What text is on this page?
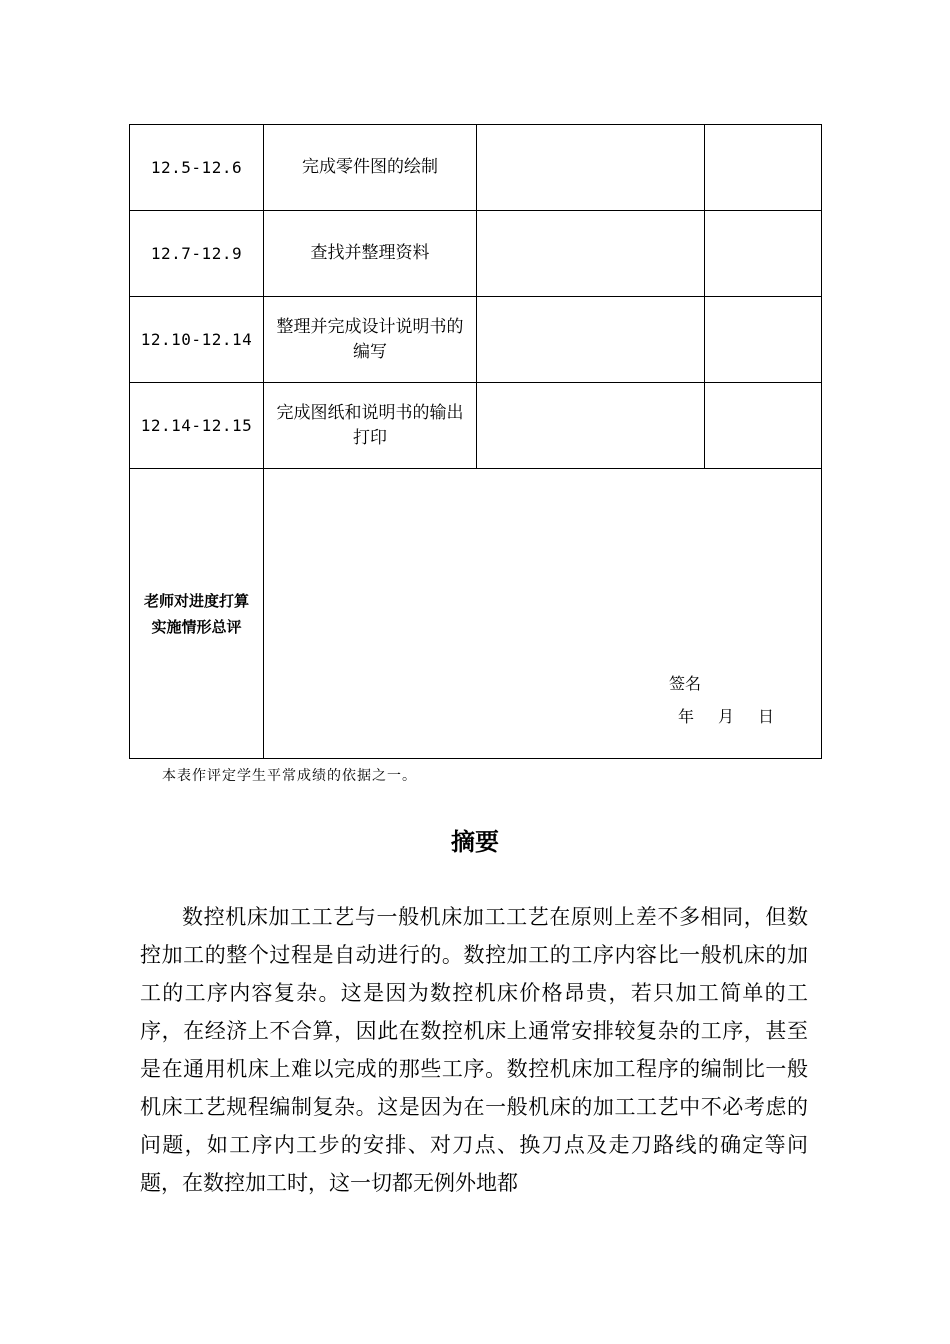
12.5-12.6	完成零件图的绘制		
12.7-12.9	查找并整理资料		
12.10-12.14	整理并完成设计说明书的编写		
12.14-12.15	完成图纸和说明书的输出打印		
老师对进度打算实施情形总评	签名
年 月 日		
本表作评定学生平常成绩的依据之一。
摘要

数控机床加工工艺与一般机床加工工艺在原则上差不多相同，但数控加工的整个过程是自动进行的。数控加工的工序内容比一般机床的加工的工序内容复杂。这是因为数控机床价格昂贵，若只加工简单的工序，在经济上不合算，因此在数控机床上通常安排较复杂的工序，甚至是在通用机床上难以完成的那些工序。数控机床加工程序的编制比一般机床工艺规程编制复杂。这是因为在一般机床的加工工艺中不必考虑的问题，如工序内工步的安排、对刀点、换刀点及走刀路线的确定等问题，在数控加工时，这一切都无例外地都
